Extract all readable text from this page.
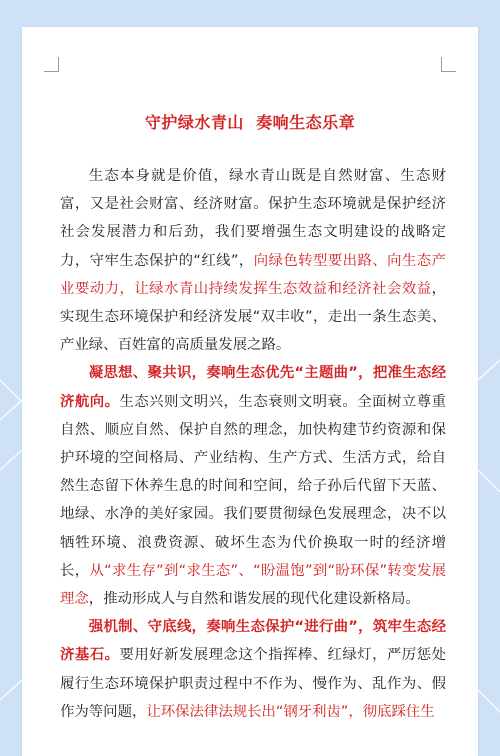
守护绿水青山  奏响生态乐章

生态本身就是价值，绿水青山既是自然财富、生态财富，又是社会财富、经济财富。保护生态环境就是保护经济社会发展潜力和后劲，我们要增强生态文明建设的战略定力，守牢生态保护的“红线”，向绿色转型要出路、向生态产业要动力，让绿水青山持续发挥生态效益和经济社会效益，实现生态环境保护和经济发展“双丰收”，走出一条生态美、产业绿、百姓富的高质量发展之路。

凝思想、聚共识，奏响生态优先“主题曲”，把准生态经济航向。生态兴则文明兴，生态衰则文明衰。全面树立尊重自然、顺应自然、保护自然的理念，加快构建节约资源和保护环境的空间格局、产业结构、生产方式、生活方式，给自然生态留下休养生息的时间和空间，给子孙后代留下天蓝、地绿、水净的美好家园。我们要贯彻绿色发展理念，决不以牺牲环境、浪费资源、破坏生态为代价换取一时的经济增长，从“求生存”到“求生态”、“盼温饱”到“盼环保”转变发展理念，推动形成人与自然和谐发展的现代化建设新格局。

强机制、守底线，奏响生态保护“进行曲”，筑牢生态经济基石。要用好新发展理念这个指挥棒、红绿灯，严厉惩处履行生态环境保护职责过程中不作为、慢作为、乱作为、假作为等问题，让环保法律法规长出“钢牙利齿”，彻底踩住生
